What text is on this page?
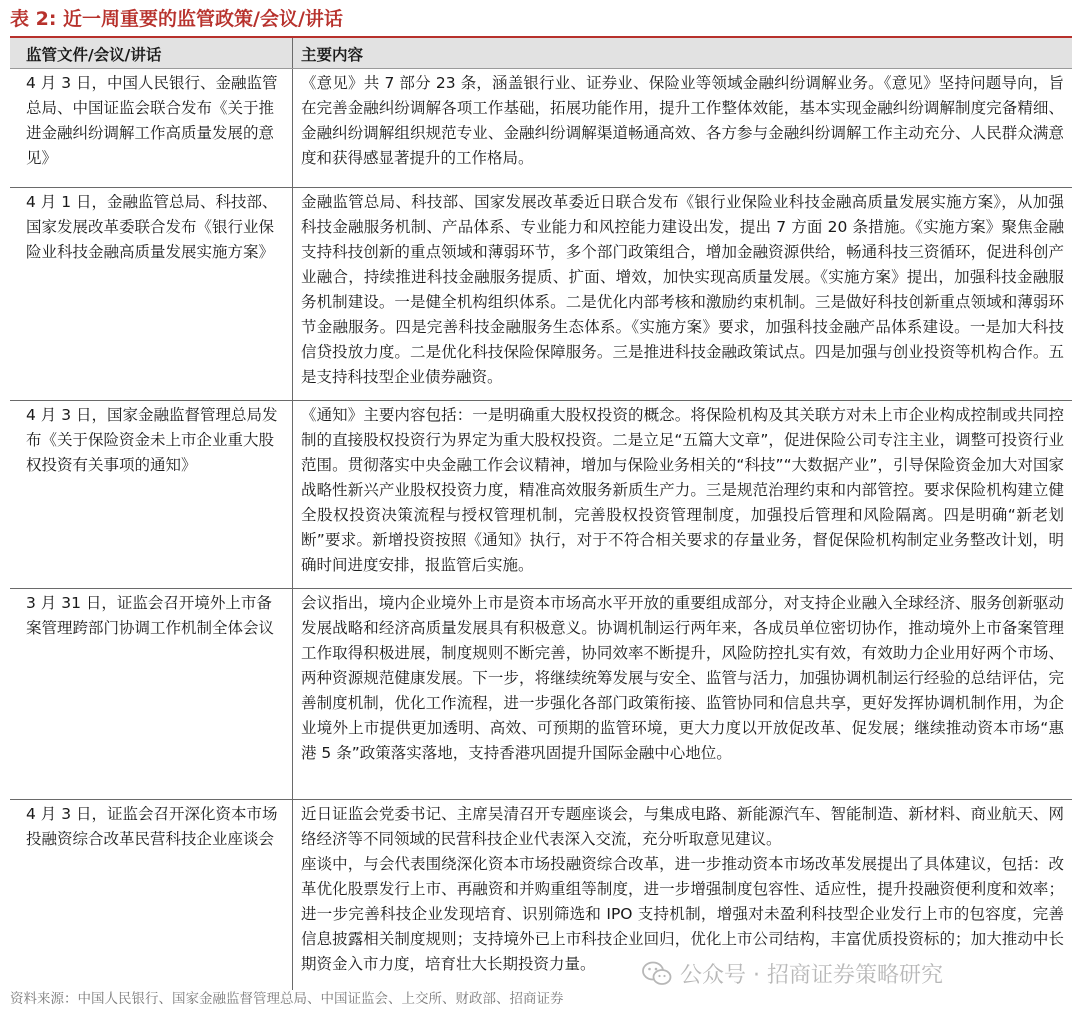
表 2: 近一周重要的监管政策/会议/讲话
监管文件/会议/讲话	主要内容

4 月 3 日，中国人民银行、金融监管总局、中国证监会联合发布《关于推进金融纠纷调解工作高质量发展的意见》

《意见》共 7 部分 23 条，涵盖银行业、证券业、保险业等领域金融纠纷调解业务。《意见》坚持问题导向，旨在完善金融纠纷调解各项工作基础，拓展功能作用，提升工作整体效能，基本实现金融纠纷调解制度完备精细、金融纠纷调解组织规范专业、金融纠纷调解渠道畅通高效、各方参与金融纠纷调解工作主动充分、人民群众满意度和获得感显著提升的工作格局。

4 月 1 日，金融监管总局、科技部、国家发展改革委联合发布《银行业保险业科技金融高质量发展实施方案》

金融监管总局、科技部、国家发展改革委近日联合发布《银行业保险业科技金融高质量发展实施方案》，从加强科技金融服务机制、产品体系、专业能力和风控能力建设出发，提出 7 方面 20 条措施。《实施方案》聚焦金融支持科技创新的重点领域和薄弱环节，多个部门政策组合，增加金融资源供给，畅通科技三资循环，促进科创产业融合，持续推进科技金融服务提质、扩面、增效，加快实现高质量发展。《实施方案》提出，加强科技金融服务机制建设。一是健全机构组织体系。二是优化内部考核和激励约束机制。三是做好科技创新重点领域和薄弱环节金融服务。四是完善科技金融服务生态体系。《实施方案》要求，加强科技金融产品体系建设。一是加大科技信贷投放力度。二是优化科技保险保障服务。三是推进科技金融政策试点。四是加强与创业投资等机构合作。五是支持科技型企业债券融资。

4 月 3 日，国家金融监督管理总局发布《关于保险资金未上市企业重大股权投资有关事项的通知》

《通知》主要内容包括：一是明确重大股权投资的概念。将保险机构及其关联方对未上市企业构成控制或共同控制的直接股权投资行为界定为重大股权投资。二是立足“五篇大文章”，促进保险公司专注主业，调整可投资行业范围。贯彻落实中央金融工作会议精神，增加与保险业务相关的“科技”“大数据产业”，引导保险资金加大对国家战略性新兴产业股权投资力度，精准高效服务新质生产力。三是规范治理约束和内部管控。要求保险机构建立健全股权投资决策流程与授权管理机制，完善股权投资管理制度，加强投后管理和风险隔离。四是明确“新老划断”要求。新增投资按照《通知》执行，对于不符合相关要求的存量业务，督促保险机构制定业务整改计划，明确时间进度安排，报监管后实施。

3 月 31 日，证监会召开境外上市备案管理跨部门协调工作机制全体会议

会议指出，境内企业境外上市是资本市场高水平开放的重要组成部分，对支持企业融入全球经济、服务创新驱动发展战略和经济高质量发展具有积极意义。协调机制运行两年来，各成员单位密切协作，推动境外上市备案管理工作取得积极进展，制度规则不断完善，协同效率不断提升，风险防控扎实有效，有效助力企业用好两个市场、两种资源规范健康发展。下一步，将继续统筹发展与安全、监管与活力，加强协调机制运行经验的总结评估，完善制度机制，优化工作流程，进一步强化各部门政策衔接、监管协同和信息共享，更好发挥协调机制作用，为企业境外上市提供更加透明、高效、可预期的监管环境，更大力度以开放促改革、促发展；继续推动资本市场“惠港 5 条”政策落实落地，支持香港巩固提升国际金融中心地位。

4 月 3 日，证监会召开深化资本市场投融资综合改革民营科技企业座谈会

近日证监会党委书记、主席吴清召开专题座谈会，与集成电路、新能源汽车、智能制造、新材料、商业航天、网络经济等不同领域的民营科技企业代表深入交流，充分听取意见建议。

座谈中，与会代表围绕深化资本市场投融资综合改革，进一步推动资本市场改革发展提出了具体建议，包括：改革优化股票发行上市、再融资和并购重组等制度，进一步增强制度包容性、适应性，提升投融资便利度和效率；进一步完善科技企业发现培育、识别筛选和 IPO 支持机制，增强对未盈利科技型企业发行上市的包容度，完善信息披露相关制度规则；支持境外已上市科技企业回归，优化上市公司结构，丰富优质投资标的；加大推动中长期资金入市力度，培育壮大长期投资力量。

资料来源：中国人民银行、国家金融监督管理总局、中国证监会、上交所、财政部、招商证券
公众号 · 招商证券策略研究
